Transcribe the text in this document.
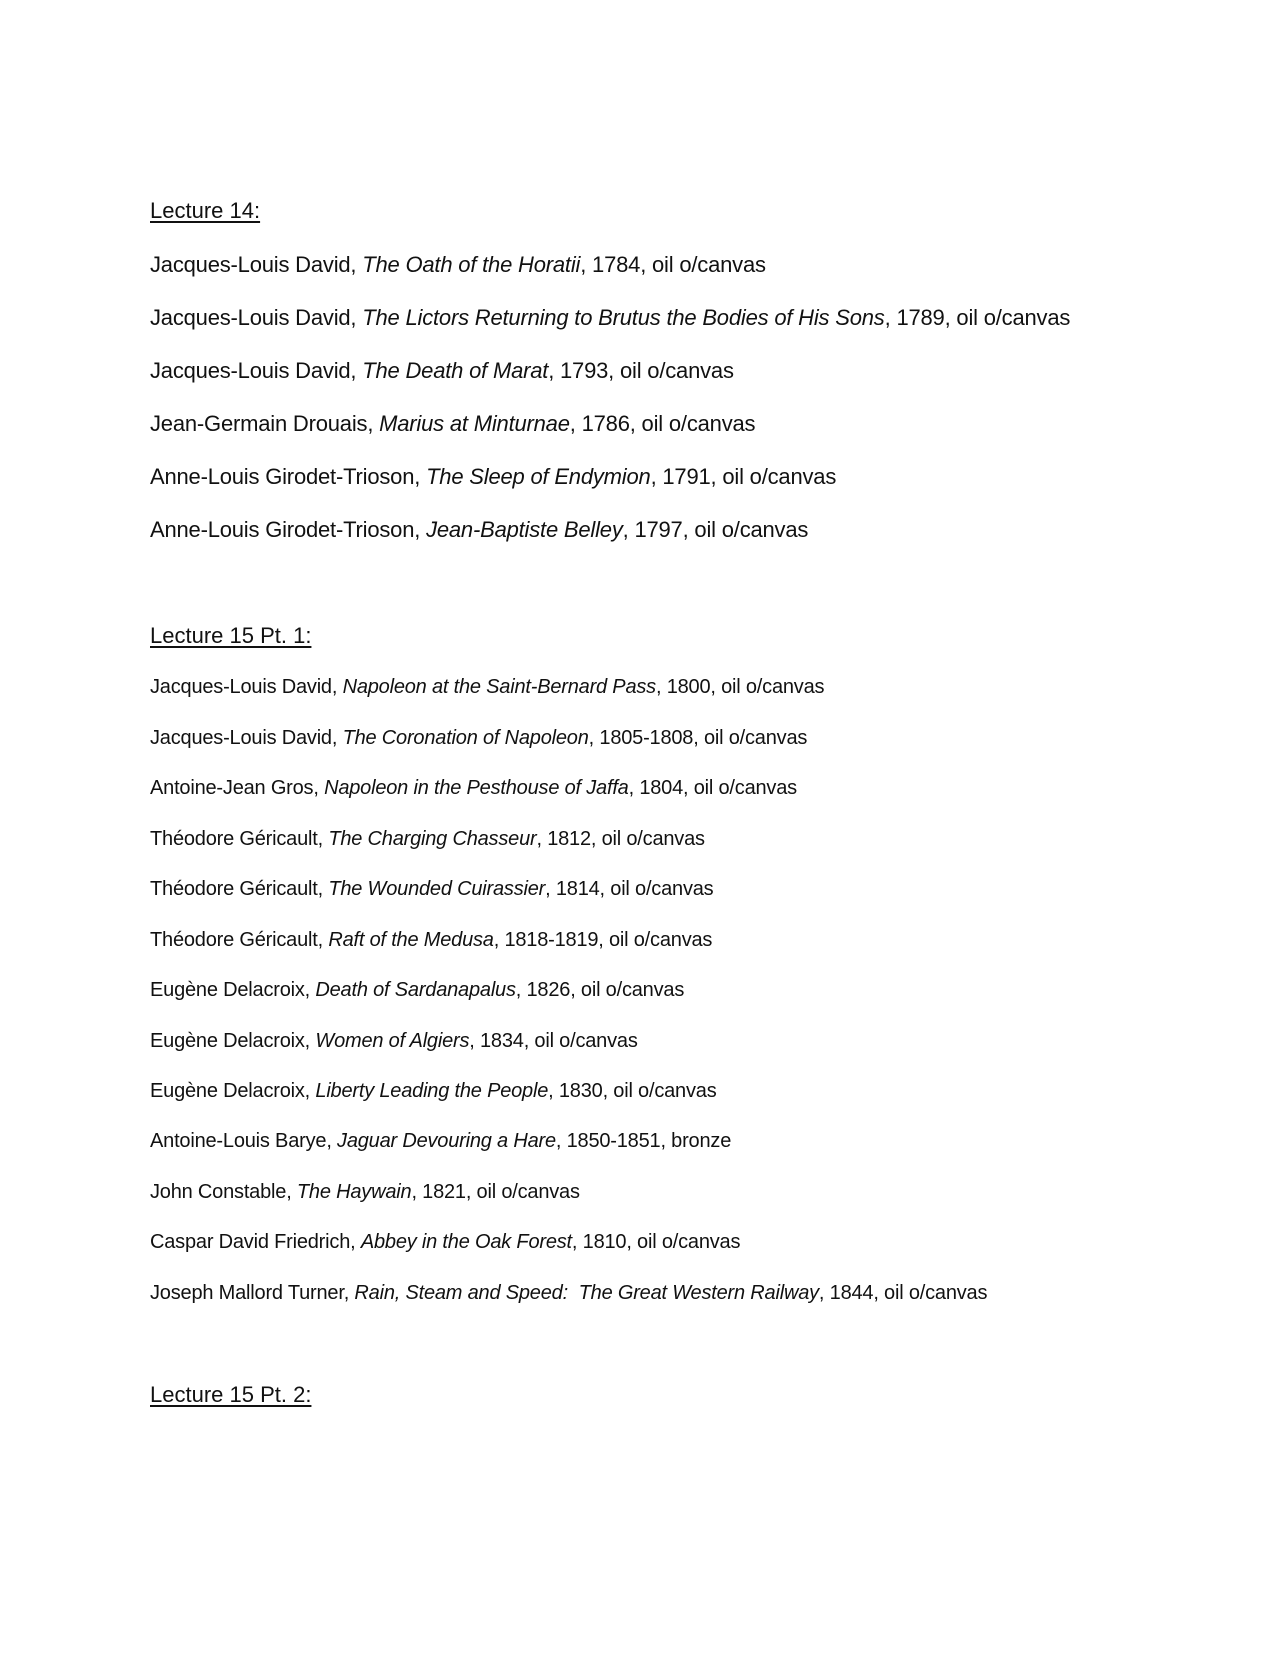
Lecture 14:

Jacques-Louis David, The Oath of the Horatii, 1784, oil o/canvas

Jacques-Louis David, The Lictors Returning to Brutus the Bodies of His Sons, 1789, oil o/canvas

Jacques-Louis David, The Death of Marat, 1793, oil o/canvas

Jean-Germain Drouais, Marius at Minturnae, 1786, oil o/canvas

Anne-Louis Girodet-Trioson, The Sleep of Endymion, 1791, oil o/canvas

Anne-Louis Girodet-Trioson, Jean-Baptiste Belley, 1797, oil o/canvas

Lecture 15 Pt. 1:

Jacques-Louis David, Napoleon at the Saint-Bernard Pass, 1800, oil o/canvas

Jacques-Louis David, The Coronation of Napoleon, 1805-1808, oil o/canvas

Antoine-Jean Gros, Napoleon in the Pesthouse of Jaffa, 1804, oil o/canvas

Théodore Géricault, The Charging Chasseur, 1812, oil o/canvas

Théodore Géricault, The Wounded Cuirassier, 1814, oil o/canvas

Théodore Géricault, Raft of the Medusa, 1818-1819, oil o/canvas

Eugène Delacroix, Death of Sardanapalus, 1826, oil o/canvas

Eugène Delacroix, Women of Algiers, 1834, oil o/canvas

Eugène Delacroix, Liberty Leading the People, 1830, oil o/canvas

Antoine-Louis Barye, Jaguar Devouring a Hare, 1850-1851, bronze

John Constable, The Haywain, 1821, oil o/canvas

Caspar David Friedrich, Abbey in the Oak Forest, 1810, oil o/canvas

Joseph Mallord Turner, Rain, Steam and Speed:  The Great Western Railway, 1844, oil o/canvas

Lecture 15 Pt. 2:
